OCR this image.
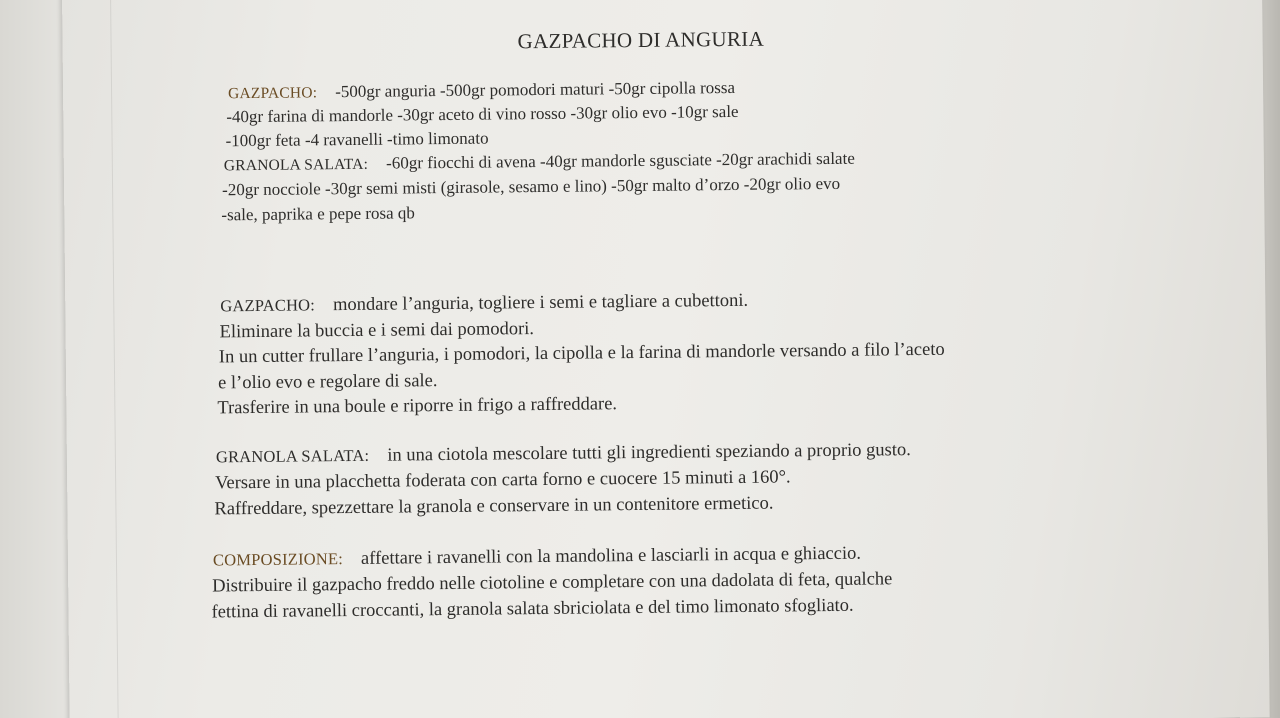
GAZPACHO DI ANGURIA
GAZPACHO: -500gr anguria -500gr pomodori maturi -50gr cipolla rossa
-40gr farina di mandorle -30gr aceto di vino rosso -30gr olio evo -10gr sale
-100gr feta -4 ravanelli -timo limonato
GRANOLA SALATA: -60gr fiocchi di avena -40gr mandorle sgusciate -20gr arachidi salate
-20gr nocciole -30gr semi misti (girasole, sesamo e lino) -50gr malto d’orzo -20gr olio evo
-sale, paprika e pepe rosa qb
GAZPACHO: mondare l’anguria, togliere i semi e tagliare a cubettoni.
Eliminare la buccia e i semi dai pomodori.
In un cutter frullare l’anguria, i pomodori, la cipolla e la farina di mandorle versando a filo l’aceto
e l’olio evo e regolare di sale.
Trasferire in una boule e riporre in frigo a raffreddare.
GRANOLA SALATA: in una ciotola mescolare tutti gli ingredienti speziando a proprio gusto.
Versare in una placchetta foderata con carta forno e cuocere 15 minuti a 160°.
Raffreddare, spezzettare la granola e conservare in un contenitore ermetico.
COMPOSIZIONE: affettare i ravanelli con la mandolina e lasciarli in acqua e ghiaccio.
Distribuire il gazpacho freddo nelle ciotoline e completare con una dadolata di feta, qualche
fettina di ravanelli croccanti, la granola salata sbriciolata e del timo limonato sfogliato.
